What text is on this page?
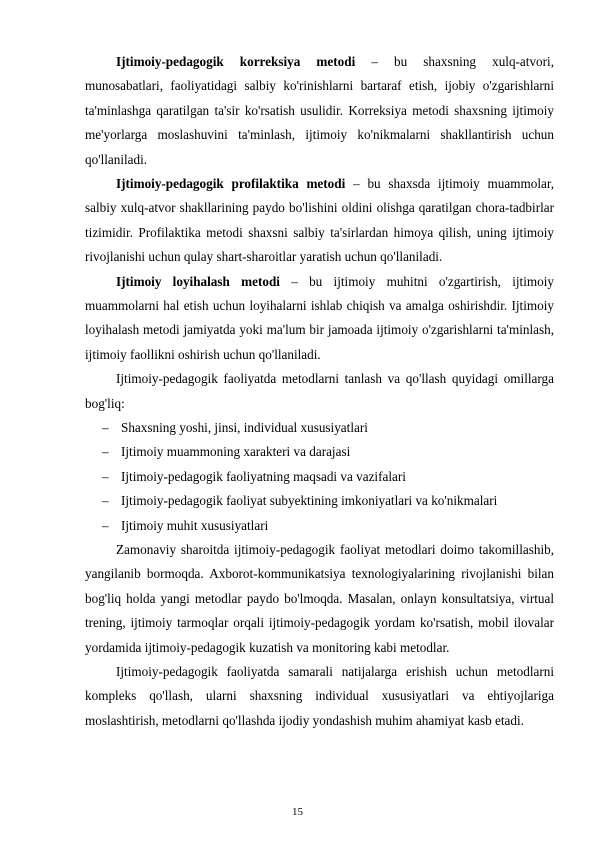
Ijtimoiy-pedagogik korreksiya metodi – bu shaxsning xulq-atvori, munosabatlari, faoliyatidagi salbiy ko'rinishlarni bartaraf etish, ijobiy o'zgarishlarni ta'minlashga qaratilgan ta'sir ko'rsatish usulidir. Korreksiya metodi shaxsning ijtimoiy me'yorlarga moslashuvini ta'minlash, ijtimoiy ko'nikmalarni shakllantirish uchun qo'llaniladi.

Ijtimoiy-pedagogik profilaktika metodi – bu shaxsda ijtimoiy muammolar, salbiy xulq-atvor shakllarining paydo bo'lishini oldini olishga qaratilgan chora-tadbirlar tizimidir. Profilaktika metodi shaxsni salbiy ta'sirlardan himoya qilish, uning ijtimoiy rivojlanishi uchun qulay shart-sharoitlar yaratish uchun qo'llaniladi.

Ijtimoiy loyihalash metodi – bu ijtimoiy muhitni o'zgartirish, ijtimoiy muammolarni hal etish uchun loyihalarni ishlab chiqish va amalga oshirishdir. Ijtimoiy loyihalash metodi jamiyatda yoki ma'lum bir jamoada ijtimoiy o'zgarishlarni ta'minlash, ijtimoiy faollikni oshirish uchun qo'llaniladi.

Ijtimoiy-pedagogik faoliyatda metodlarni tanlash va qo'llash quyidagi omillarga bog'liq:

– Shaxsning yoshi, jinsi, individual xususiyatlari
– Ijtimoiy muammoning xarakteri va darajasi
– Ijtimoiy-pedagogik faoliyatning maqsadi va vazifalari
– Ijtimoiy-pedagogik faoliyat subyektining imkoniyatlari va ko'nikmalari
– Ijtimoiy muhit xususiyatlari

Zamonaviy sharoitda ijtimoiy-pedagogik faoliyat metodlari doimo takomillashib, yangilanib bormoqda. Axborot-kommunikatsiya texnologiyalarining rivojlanishi bilan bog'liq holda yangi metodlar paydo bo'lmoqda. Masalan, onlayn konsultatsiya, virtual trening, ijtimoiy tarmoqlar orqali ijtimoiy-pedagogik yordam ko'rsatish, mobil ilovalar yordamida ijtimoiy-pedagogik kuzatish va monitoring kabi metodlar.

Ijtimoiy-pedagogik faoliyatda samarali natijalarga erishish uchun metodlarni kompleks qo'llash, ularni shaxsning individual xususiyatlari va ehtiyojlariga moslashtirish, metodlarni qo'llashda ijodiy yondashish muhim ahamiyat kasb etadi.

15
